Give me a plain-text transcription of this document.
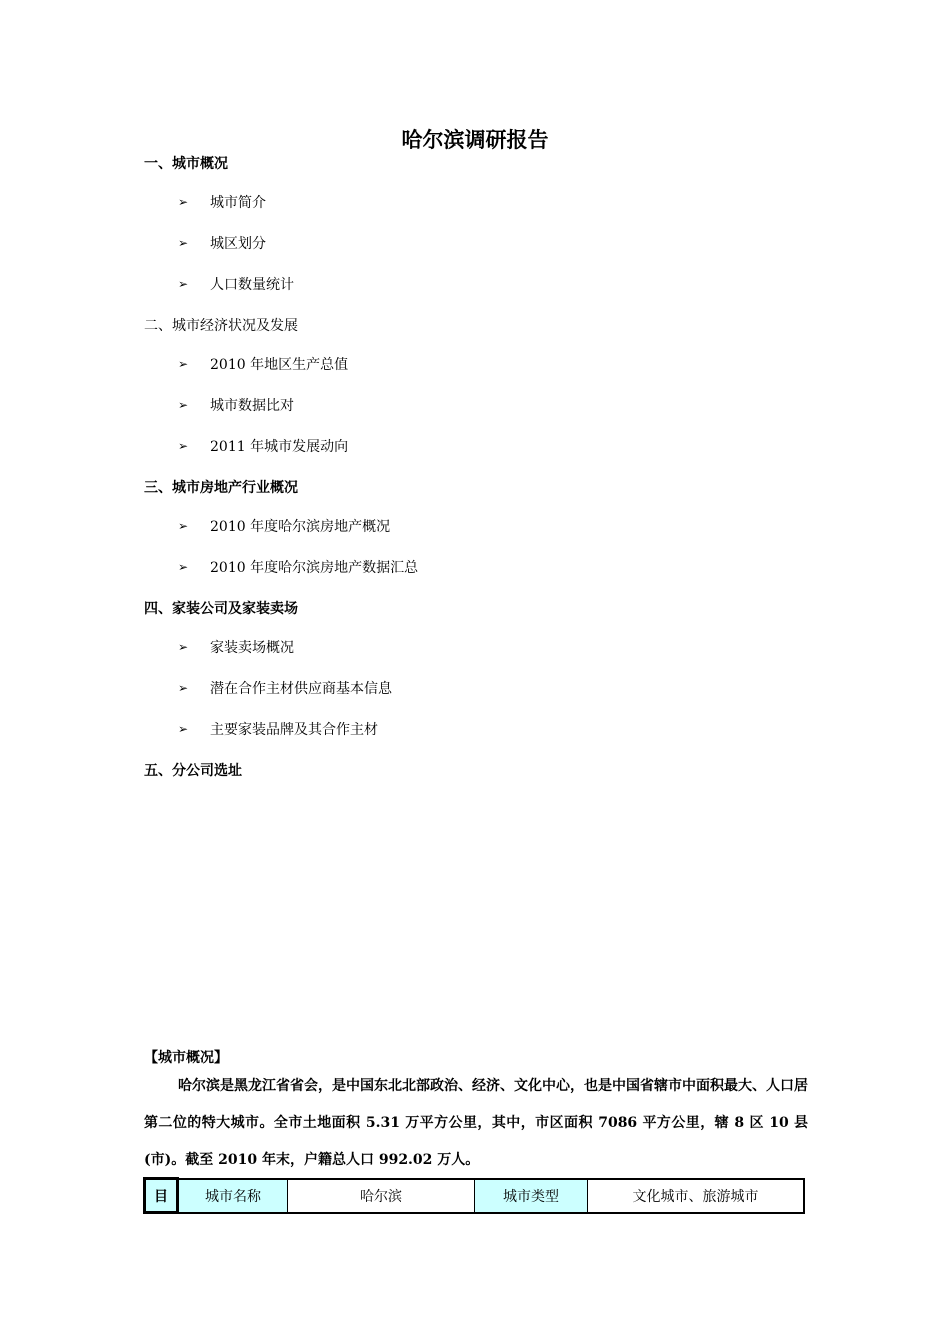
哈尔滨调研报告
一、城市概况
➢	城市简介
➢	城区划分
➢	人口数量统计
二、城市经济状况及发展
➢	2010 年地区生产总值
➢	城市数据比对
➢	2011 年城市发展动向
三、城市房地产行业概况
➢	2010 年度哈尔滨房地产概况
➢	2010 年度哈尔滨房地产数据汇总
四、家装公司及家装卖场
➢	家装卖场概况
➢	潜在合作主材供应商基本信息
➢	主要家装品牌及其合作主材
五、分公司选址
【城市概况】

哈尔滨是黑龙江省省会，是中国东北北部政治、经济、文化中心，也是中国省辖市中面积最大、人口居第二位的特大城市。全市土地面积 5.31 万平方公里，其中，市区面积 7086 平方公里，辖 8 区 10 县(市)。截至 2010 年末，户籍总人口 992.02 万人。

目	城市名称	哈尔滨	城市类型	文化城市、旅游城市
